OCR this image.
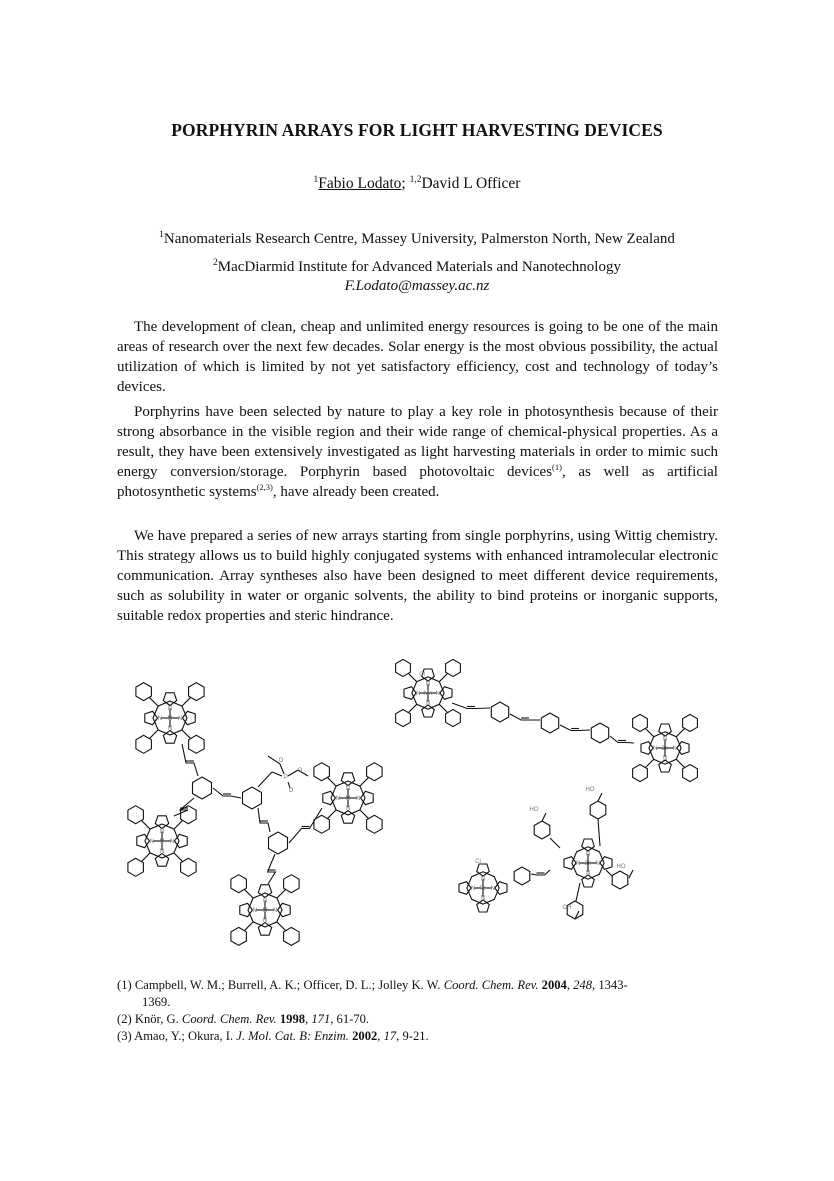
PORPHYRIN ARRAYS FOR LIGHT HARVESTING DEVICES
$^1$Fabio Lodato; $^{1,2}$David L Officer
$^1$Nanomaterials Research Centre, Massey University, Palmerston North, New Zealand
$^2$MacDiarmid Institute for Advanced Materials and Nanotechnology
F.Lodato@massey.ac.nz

The development of clean, cheap and unlimited energy resources is going to be one of the main areas of research over the next few decades. Solar energy is the most obvious possibility, the actual utilization of which is limited by not yet satisfactory efficiency, cost and technology of today’s devices.

Porphyrins have been selected by nature to play a key role in photosynthesis because of their strong absorbance in the visible region and their wide range of chemical-physical properties. As a result, they have been extensively investigated as light harvesting materials in order to mimic such energy conversion/storage. Porphyrin based photovoltaic devices$^{(1)}$, as well as artificial photosynthetic systems$^{(2,3)}$, have already been created.

We have prepared a series of new arrays starting from single porphyrins, using Wittig chemistry. This strategy allows us to build highly conjugated systems with enhanced intramolecular electronic communication. Array syntheses also have been designed to meet different device requirements, such as solubility in water or organic solvents, the ability to bind proteins or inorganic supports, suitable redox properties and steric hindrance.

N
N
N
N M
N
N
N
N M
N
N
N
N M
N
N
N
N M
P
O
O
O
N
N
N
N Mn
Cl
N
N
N
N Zn
N
N
N
N Fe
Cl
N
N
N
N Zn
HO
HO
HO
OH

(1) Campbell, W. M.; Burrell, A. K.; Officer, D. L.; Jolley K. W. Coord. Chem. Rev. 2004, 248, 1343-
1369.

(2) Knör, G. Coord. Chem. Rev. 1998, 171, 61-70.

(3) Amao, Y.; Okura, I. J. Mol. Cat. B: Enzim. 2002, 17, 9-21.
